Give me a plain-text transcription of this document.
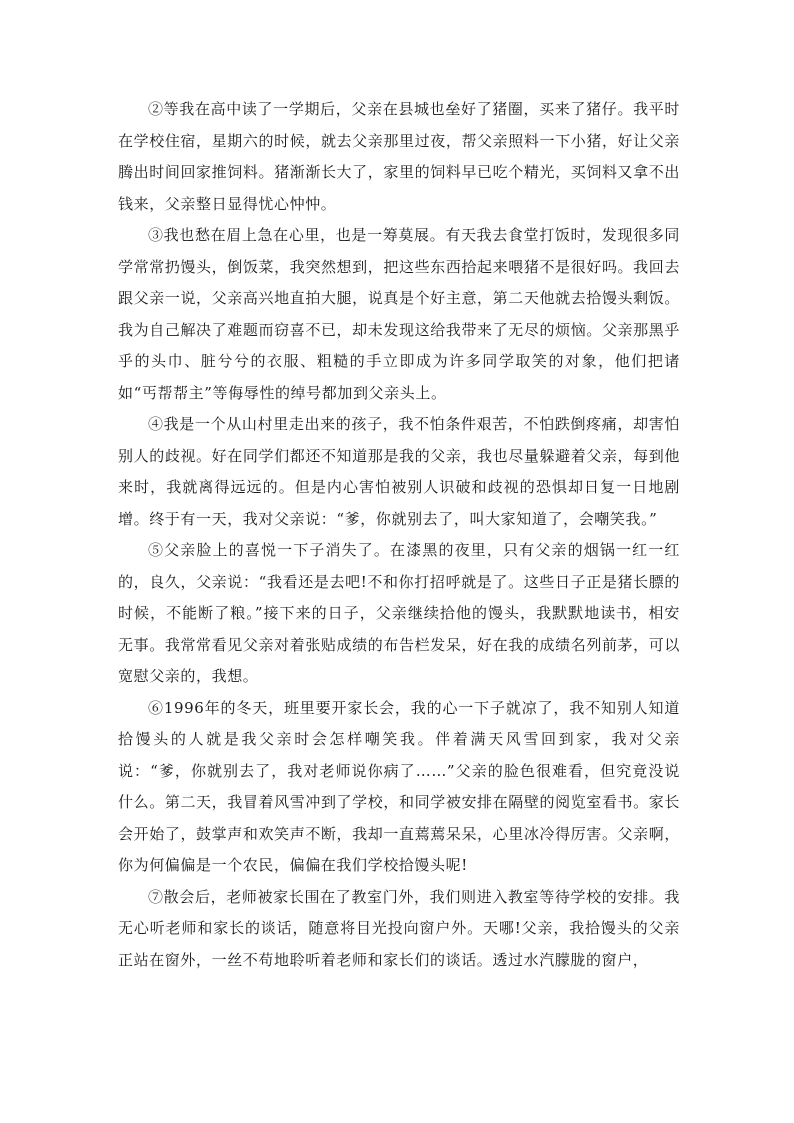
②等我在高中读了一学期后，父亲在县城也垒好了猪圈，买来了猪仔。我平时在学校住宿，星期六的时候，就去父亲那里过夜，帮父亲照料一下小猪，好让父亲腾出时间回家推饲料。猪渐渐长大了，家里的饲料早已吃个精光，买饲料又拿不出钱来，父亲整日显得忧心忡忡。

③我也愁在眉上急在心里，也是一筹莫展。有天我去食堂打饭时，发现很多同学常常扔馒头，倒饭菜，我突然想到，把这些东西拾起来喂猪不是很好吗。我回去跟父亲一说，父亲高兴地直拍大腿，说真是个好主意，第二天他就去拾馒头剩饭。我为自己解决了难题而窃喜不已，却未发现这给我带来了无尽的烦恼。父亲那黑乎乎的头巾、脏兮兮的衣服、粗糙的手立即成为许多同学取笑的对象，他们把诸如“丐帮帮主”等侮辱性的绰号都加到父亲头上。

④我是一个从山村里走出来的孩子，我不怕条件艰苦，不怕跌倒疼痛，却害怕别人的歧视。好在同学们都还不知道那是我的父亲，我也尽量躲避着父亲，每到他来时，我就离得远远的。但是内心害怕被别人识破和歧视的恐惧却日复一日地剧增。终于有一天，我对父亲说：“爹，你就别去了，叫大家知道了，会嘲笑我。”

⑤父亲脸上的喜悦一下子消失了。在漆黑的夜里，只有父亲的烟锅一红一红的，良久，父亲说：“我看还是去吧!不和你打招呼就是了。这些日子正是猪长膘的时候，不能断了粮。”接下来的日子，父亲继续拾他的馒头，我默默地读书，相安无事。我常常看见父亲对着张贴成绩的布告栏发呆，好在我的成绩名列前茅，可以宽慰父亲的，我想。

⑥1996年的冬天，班里要开家长会，我的心一下子就凉了，我不知别人知道拾馒头的人就是我父亲时会怎样嘲笑我。伴着满天风雪回到家，我对父亲说：“爹，你就别去了，我对老师说你病了……”父亲的脸色很难看，但究竟没说什么。第二天，我冒着风雪冲到了学校，和同学被安排在隔壁的阅览室看书。家长会开始了，鼓掌声和欢笑声不断，我却一直蔫蔫呆呆，心里冰冷得厉害。父亲啊，你为何偏偏是一个农民，偏偏在我们学校拾馒头呢!

⑦散会后，老师被家长围在了教室门外，我们则进入教室等待学校的安排。我无心听老师和家长的谈话，随意将目光投向窗户外。天哪!父亲，我拾馒头的父亲正站在窗外，一丝不苟地聆听着老师和家长们的谈话。透过水汽朦胧的窗户，
